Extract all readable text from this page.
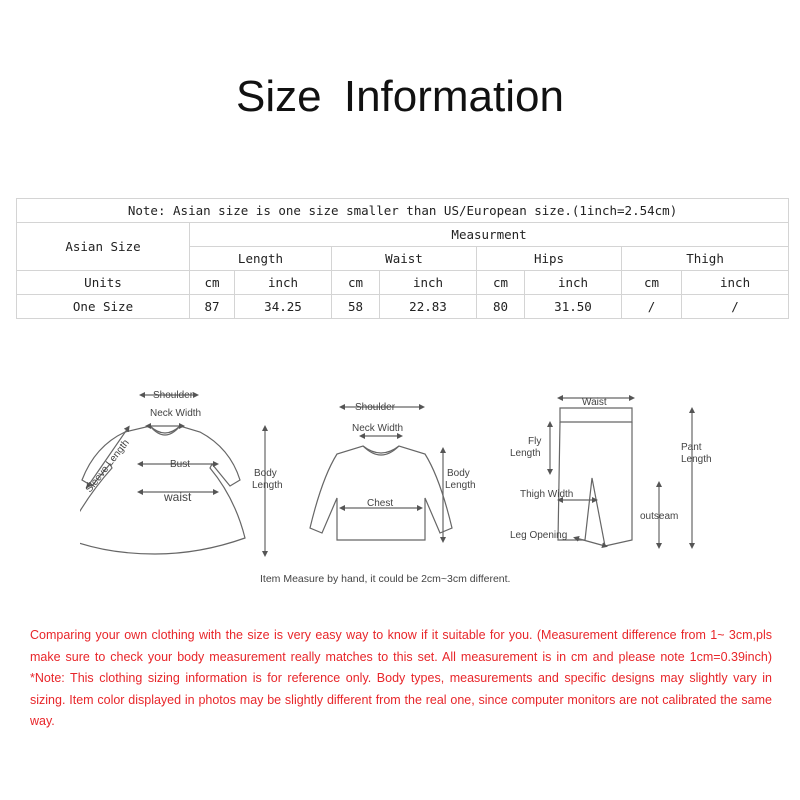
Size Information
Note: Asian size is one size smaller than US/European size.(1inch=2.54cm)								
Asian Size	Measurment							
	Length		Waist		Hips		Thigh	
Units	cm	inch	cm	inch	cm	inch	cm	inch
One Size	87	34.25	58	22.83	80	31.50	/	/
Shoulder
Neck Width
Sleeve Length	Bust
waist
Body
Length
Shoulder
Neck Width
Chest
Body
Length
Waist
Fly
Length
Pant
Length
Thigh Width
outseam
Leg Opening
Item Measure by hand, it could be 2cm~3cm different.
Comparing your own clothing with the size is very easy way to know if it suitable for you. (Measurement difference from 1~ 3cm,pls make sure to check your body measurement really matches to this set. All measurement is in cm and please note 1cm=0.39inch) *Note: This clothing sizing information is for reference only. Body types, measurements and specific designs may slightly vary in sizing. Item color displayed in photos may be slightly different from the real one, since computer monitors are not calibrated the same way.
